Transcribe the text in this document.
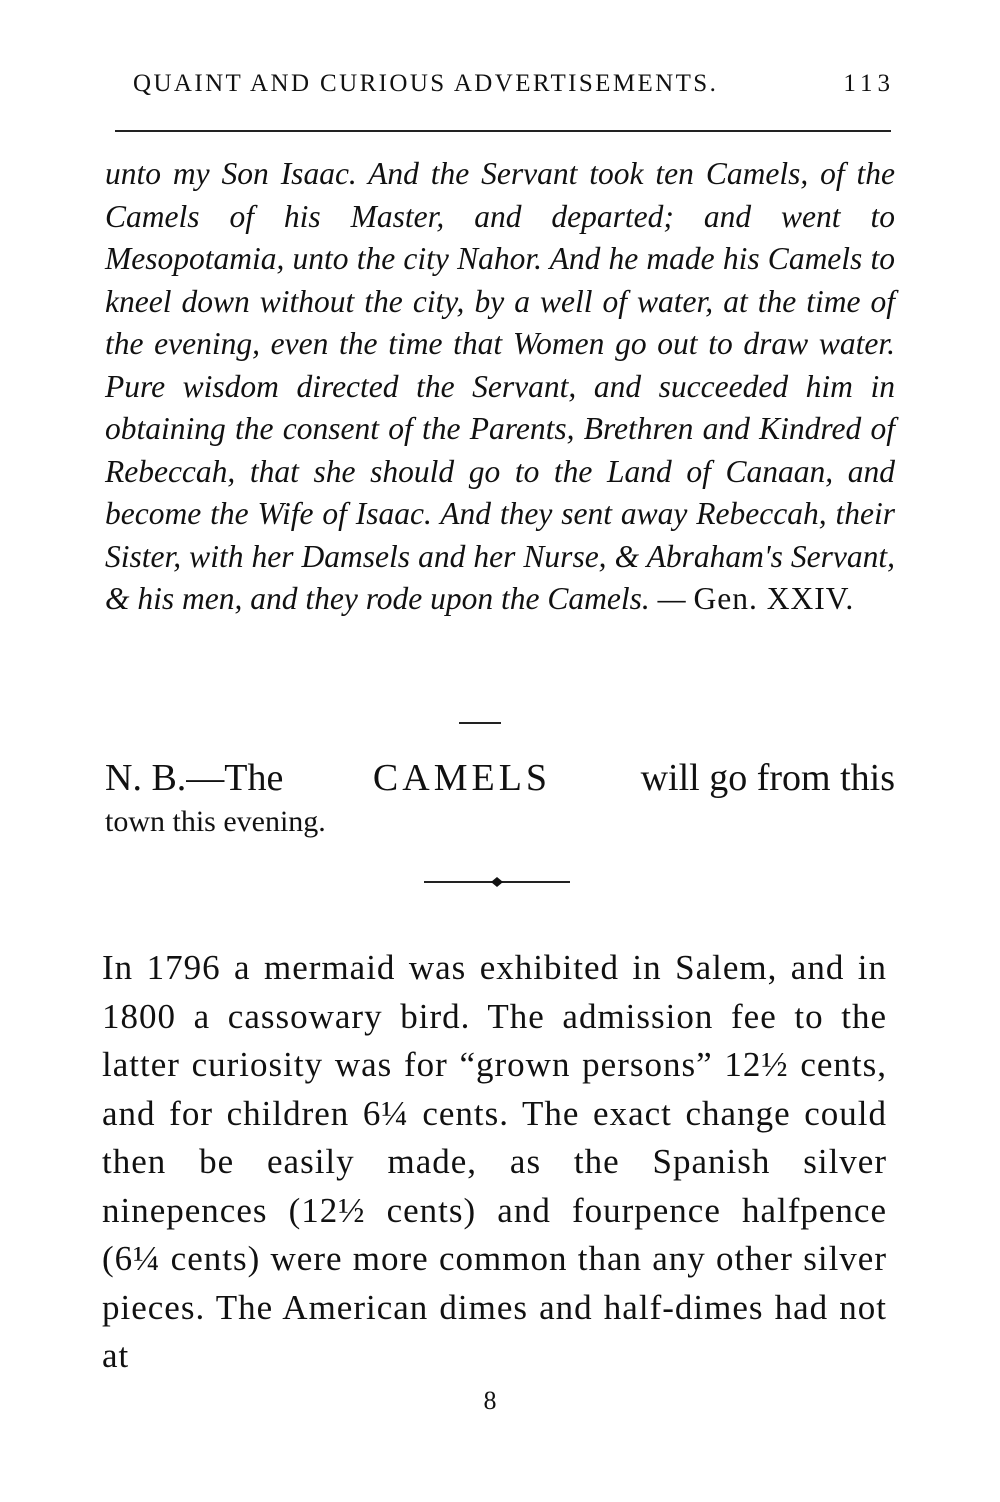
QUAINT AND CURIOUS ADVERTISEMENTS.	113

unto my Son Isaac. And the Servant took ten Camels, of the Camels of his Master, and departed; and went to Mesopotamia, unto the city Nahor. And he made his Camels to kneel down without the city, by a well of water, at the time of the evening, even the time that Women go out to draw water. Pure wisdom directed the Servant, and succeeded him in obtaining the consent of the Parents, Brethren and Kindred of Rebeccah, that she should go to the Land of Canaan, and become the Wife of Isaac. And they sent away Rebeccah, their Sister, with her Damsels and her Nurse, & Abraham's Servant, & his men, and they rode upon the Camels. — Gen. XXIV.

N. B.—The CAMELS will go from this
town this evening.

In 1796 a mermaid was exhibited in Salem, and in 1800 a cassowary bird. The admission fee to the latter curiosity was for “grown persons” 12½ cents, and for children 6¼ cents. The exact change could then be easily made, as the Spanish silver ninepences (12½ cents) and fourpence halfpence (6¼ cents) were more common than any other silver pieces. The American dimes and half-dimes had not at

8
